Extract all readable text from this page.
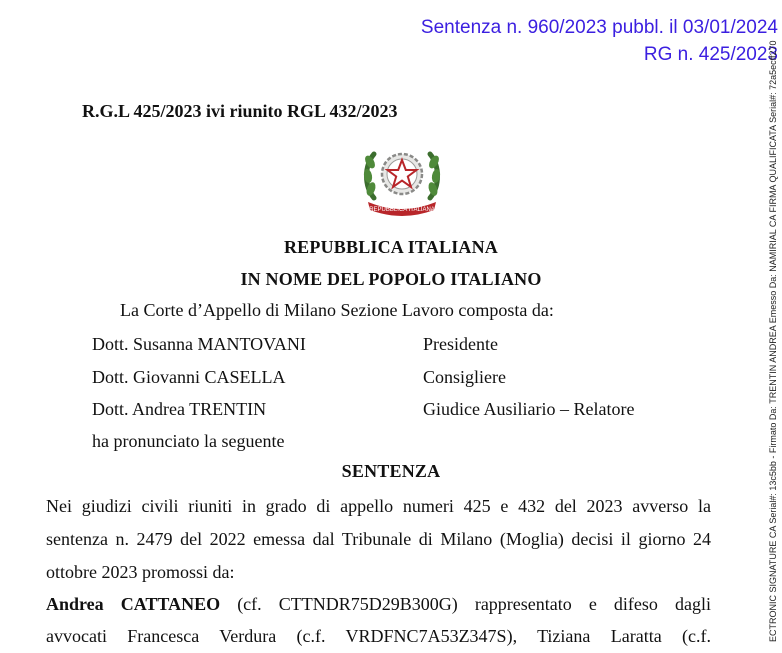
Sentenza n. 960/2023 pubbl. il 03/01/2024
RG n. 425/2023
ECTRONIC SIGNATURE CA Serial#: 13c5bb - Firmato Da: TRENTIN ANDREA Emesso Da: NAMIRIAL CA FIRMA QUALIFICATA Serial#: 72a5ecff270
R.G.L 425/2023 ivi riunito RGL 432/2023
REPUBBLICA ITALIANA
REPUBBLICA ITALIANA
IN NOME DEL POPOLO ITALIANO
La Corte d’Appello di Milano Sezione Lavoro composta da:
Dott. Susanna MANTOVANI	Presidente
Dott. Giovanni CASELLA	Consigliere
Dott. Andrea TRENTIN	Giudice Ausiliario – Relatore
ha pronunciato la seguente
SENTENZA
Nei giudizi civili riuniti in grado di appello numeri 425 e 432 del 2023 avverso la
sentenza n. 2479 del 2022 emessa dal Tribunale di Milano (Moglia) decisi il giorno 24
ottobre 2023 promossi da:
Andrea CATTANEO (cf. CTTNDR75D29B300G) rappresentato e difeso dagli
avvocati Francesca Verdura (c.f. VRDFNC7A53Z347S), Tiziana Laratta (c.f.
